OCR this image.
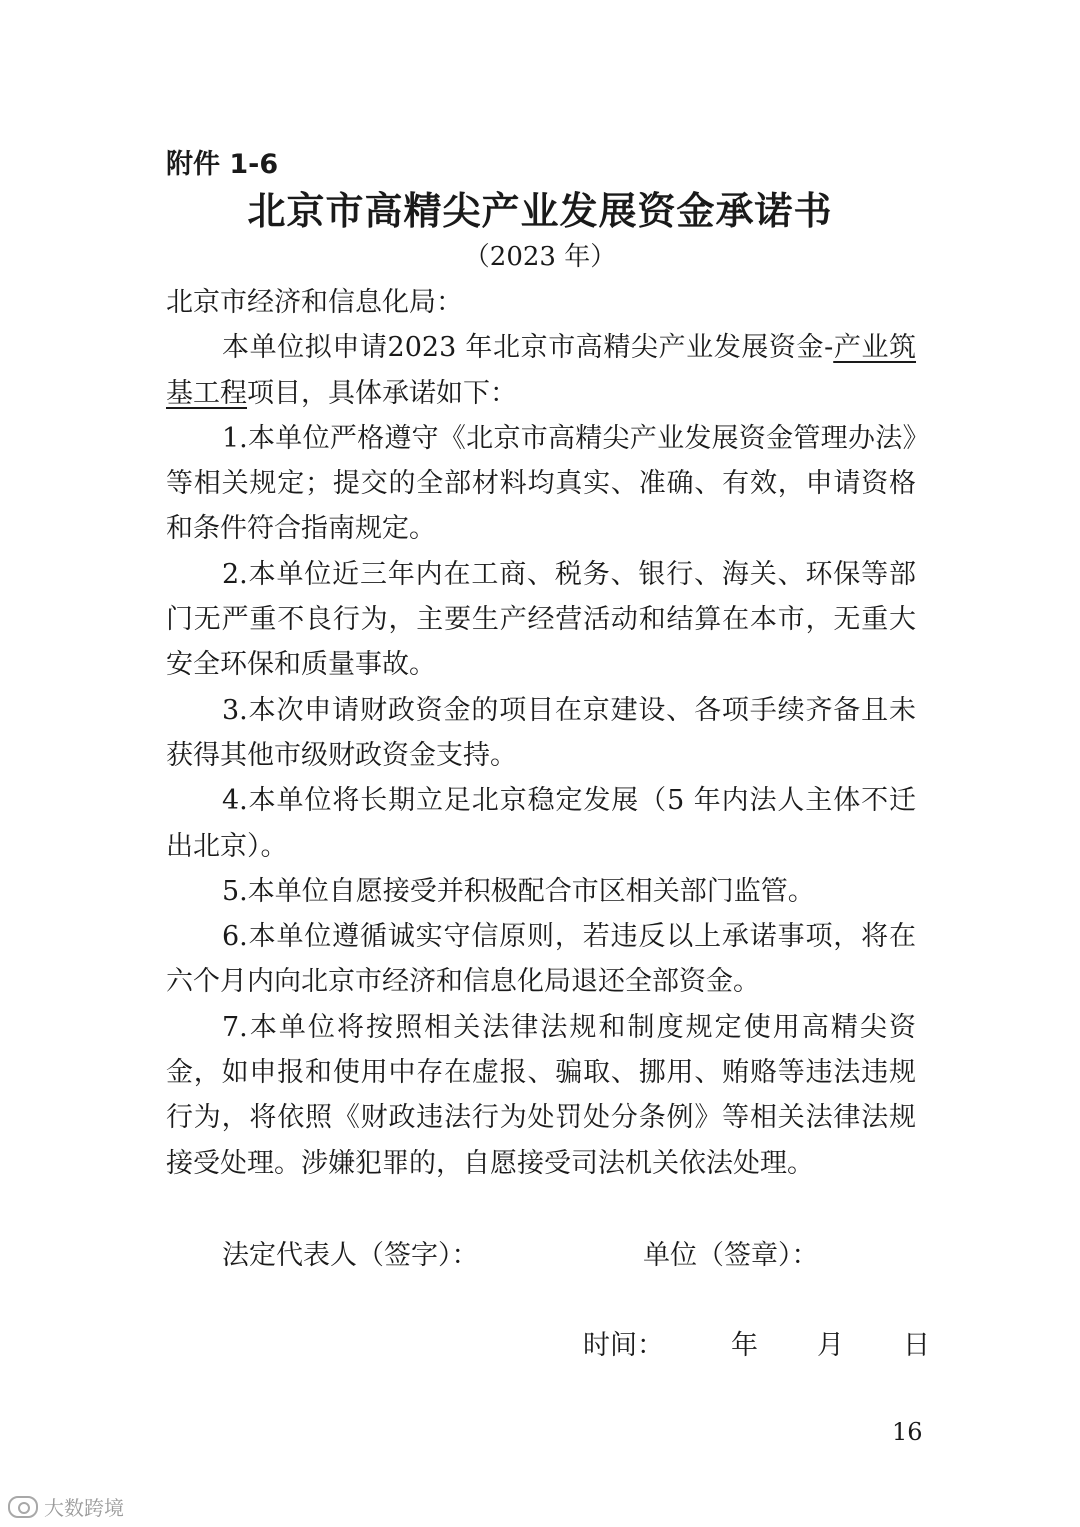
附件 1-6
北京市高精尖产业发展资金承诺书
（2023 年）

北京市经济和信息化局：

本单位拟申请2023 年北京市高精尖产业发展资金-产业筑基工程项目，具体承诺如下：

1.本单位严格遵守《北京市高精尖产业发展资金管理办法》等相关规定；提交的全部材料均真实、准确、有效，申请资格和条件符合指南规定。

2.本单位近三年内在工商、税务、银行、海关、环保等部门无严重不良行为，主要生产经营活动和结算在本市，无重大安全环保和质量事故。

3.本次申请财政资金的项目在京建设、各项手续齐备且未获得其他市级财政资金支持。

4.本单位将长期立足北京稳定发展（5 年内法人主体不迁出北京）。

5.本单位自愿接受并积极配合市区相关部门监管。

6.本单位遵循诚实守信原则，若违反以上承诺事项，将在六个月内向北京市经济和信息化局退还全部资金。

7.本单位将按照相关法律法规和制度规定使用高精尖资金，如申报和使用中存在虚报、骗取、挪用、贿赂等违法违规行为，将依照《财政违法行为处罚处分条例》等相关法律法规接受处理。涉嫌犯罪的，自愿接受司法机关依法处理。

法定代表人（签字）：	单位（签章）：
时间： 年 月 日
16
大数跨境
